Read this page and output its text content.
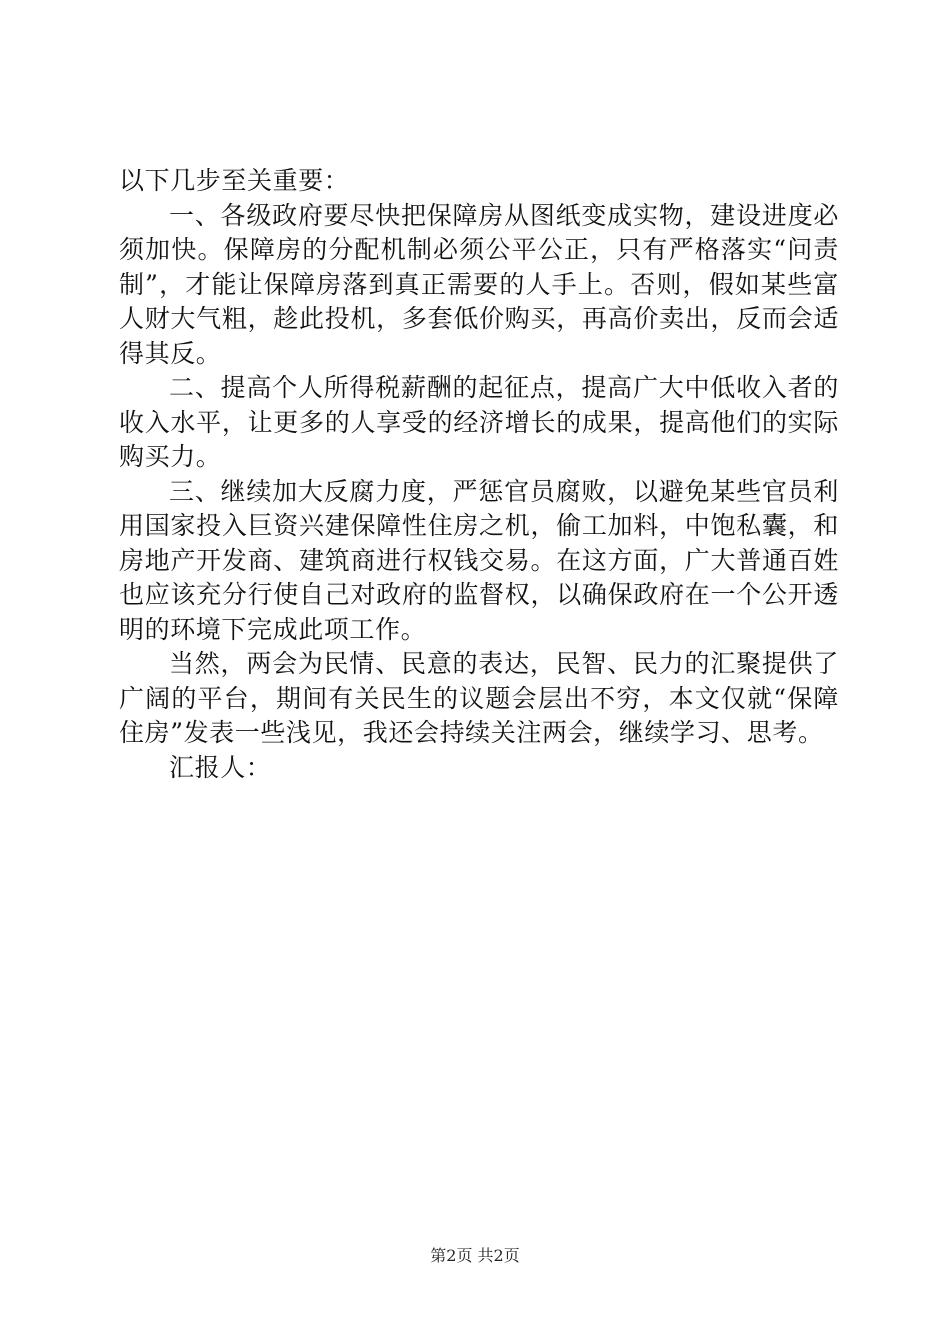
以下几步至关重要：

一、各级政府要尽快把保障房从图纸变成实物，建设进度必须加快。保障房的分配机制必须公平公正，只有严格落实“问责制”，才能让保障房落到真正需要的人手上。否则，假如某些富人财大气粗，趁此投机，多套低价购买，再高价卖出，反而会适得其反。

二、提高个人所得税薪酬的起征点，提高广大中低收入者的收入水平，让更多的人享受的经济增长的成果，提高他们的实际购买力。

三、继续加大反腐力度，严惩官员腐败，以避免某些官员利用国家投入巨资兴建保障性住房之机，偷工加料，中饱私囊，和房地产开发商、建筑商进行权钱交易。在这方面，广大普通百姓也应该充分行使自己对政府的监督权，以确保政府在一个公开透明的环境下完成此项工作。

当然，两会为民情、民意的表达，民智、民力的汇聚提供了广阔的平台，期间有关民生的议题会层出不穷，本文仅就“保障住房”发表一些浅见，我还会持续关注两会，继续学习、思考。

汇报人：

第2页 共2页
